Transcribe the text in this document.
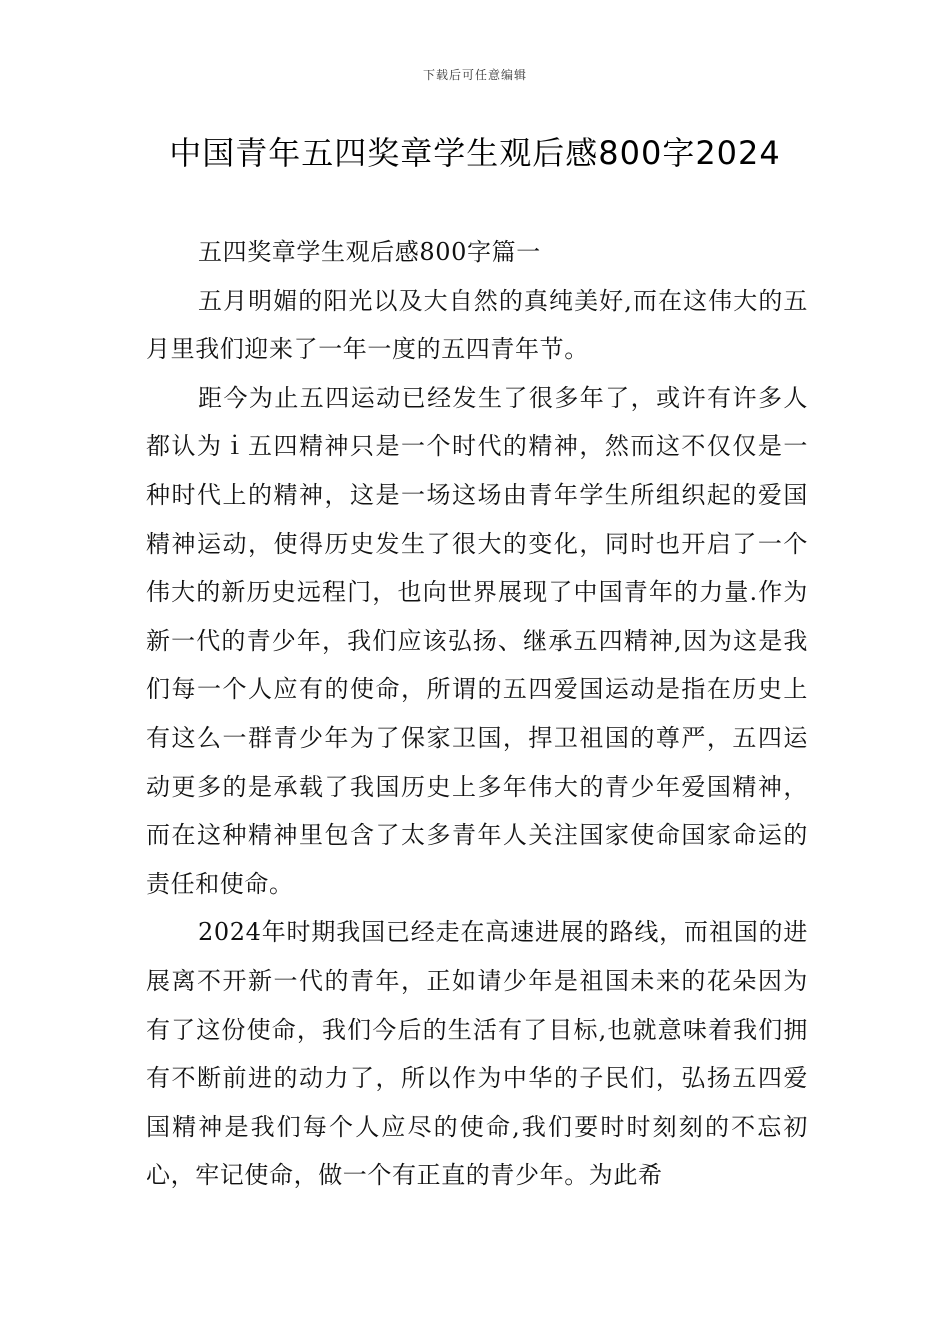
下载后可任意编辑
中国青年五四奖章学生观后感800字2024

五四奖章学生观后感800字篇一

五月明媚的阳光以及大自然的真纯美好,而在这伟大的五月里我们迎来了一年一度的五四青年节。

距今为止五四运动已经发生了很多年了，或许有许多人都认为ｉ五四精神只是一个时代的精神，然而这不仅仅是一种时代上的精神，这是一场这场由青年学生所组织起的爱国精神运动，使得历史发生了很大的变化，同时也开启了一个伟大的新历史远程门，也向世界展现了中国青年的力量.作为新一代的青少年，我们应该弘扬、继承五四精神,因为这是我们每一个人应有的使命，所谓的五四爱国运动是指在历史上有这么一群青少年为了保家卫国，捍卫祖国的尊严，五四运动更多的是承载了我国历史上多年伟大的青少年爱国精神，而在这种精神里包含了太多青年人关注国家使命国家命运的责任和使命。

2024年时期我国已经走在高速进展的路线，而祖国的进展离不开新一代的青年，正如请少年是祖国未来的花朵因为有了这份使命，我们今后的生活有了目标,也就意味着我们拥有不断前进的动力了，所以作为中华的子民们，弘扬五四爱国精神是我们每个人应尽的使命,我们要时时刻刻的不忘初心，牢记使命，做一个有正直的青少年。为此希
